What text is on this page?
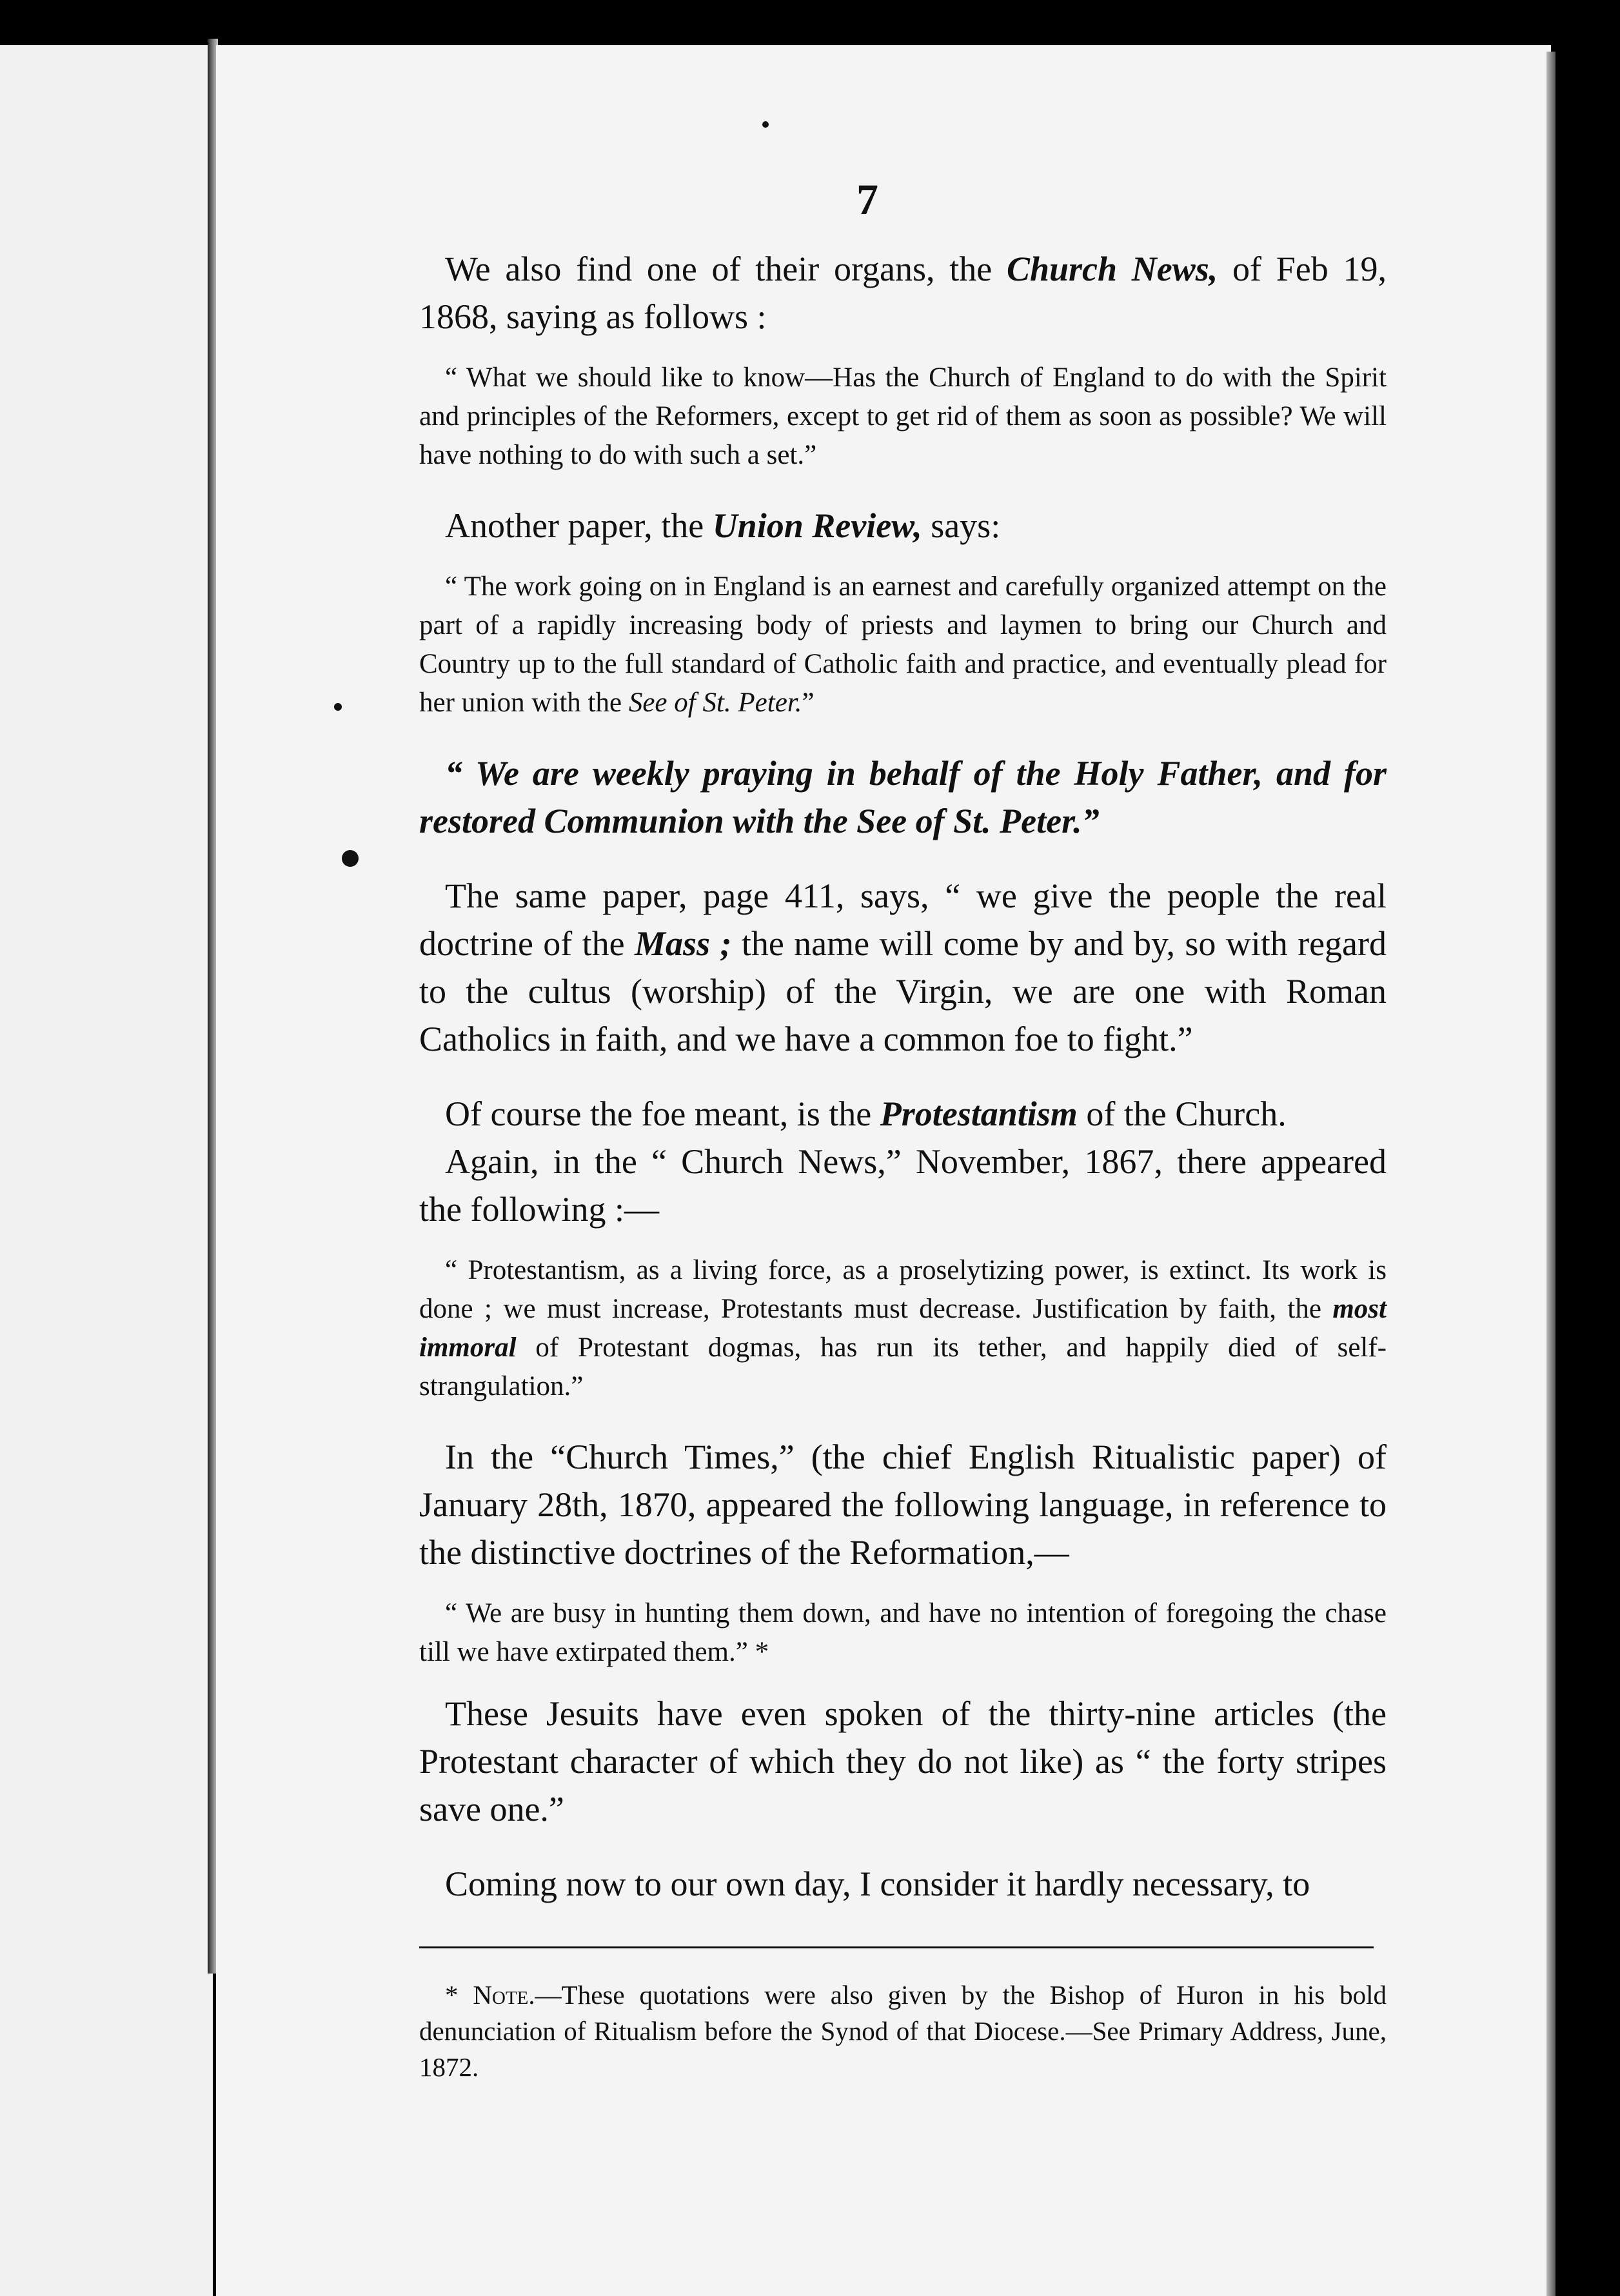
7

We also find one of their organs, the Church News, of Feb 19, 1868, saying as follows :

“ What we should like to know—Has the Church of England to do with the Spirit and principles of the Reformers, except to get rid of them as soon as possible? We will have nothing to do with such a set.”

Another paper, the Union Review, says:

“ The work going on in England is an earnest and carefully organized attempt on the part of a rapidly increasing body of priests and laymen to bring our Church and Country up to the full standard of Catholic faith and practice, and eventually plead for her union with the See of St. Peter.”

“ We are weekly praying in behalf of the Holy Father, and for restored Communion with the See of St. Peter.”

The same paper, page 411, says, “ we give the people the real doctrine of the Mass ; the name will come by and by, so with regard to the cultus (worship) of the Virgin, we are one with Roman Catholics in faith, and we have a common foe to fight.”

Of course the foe meant, is the Protestantism of the Church.

Again, in the “ Church News,” November, 1867, there appeared the following :—

“ Protestantism, as a living force, as a proselytizing power, is extinct. Its work is done ; we must increase, Protestants must decrease. Justification by faith, the most immoral of Protestant dogmas, has run its tether, and happily died of self-strangulation.”

In the “Church Times,” (the chief English Ritualistic paper) of January 28th, 1870, appeared the following language, in reference to the distinctive doctrines of the Reformation,—

“ We are busy in hunting them down, and have no intention of foregoing the chase till we have extirpated them.” *

These Jesuits have even spoken of the thirty-nine articles (the Protestant character of which they do not like) as “ the forty stripes save one.”

Coming now to our own day, I consider it hardly necessary, to

* Note.—These quotations were also given by the Bishop of Huron in his bold denunciation of Ritualism before the Synod of that Diocese.—See Primary Address, June, 1872.
